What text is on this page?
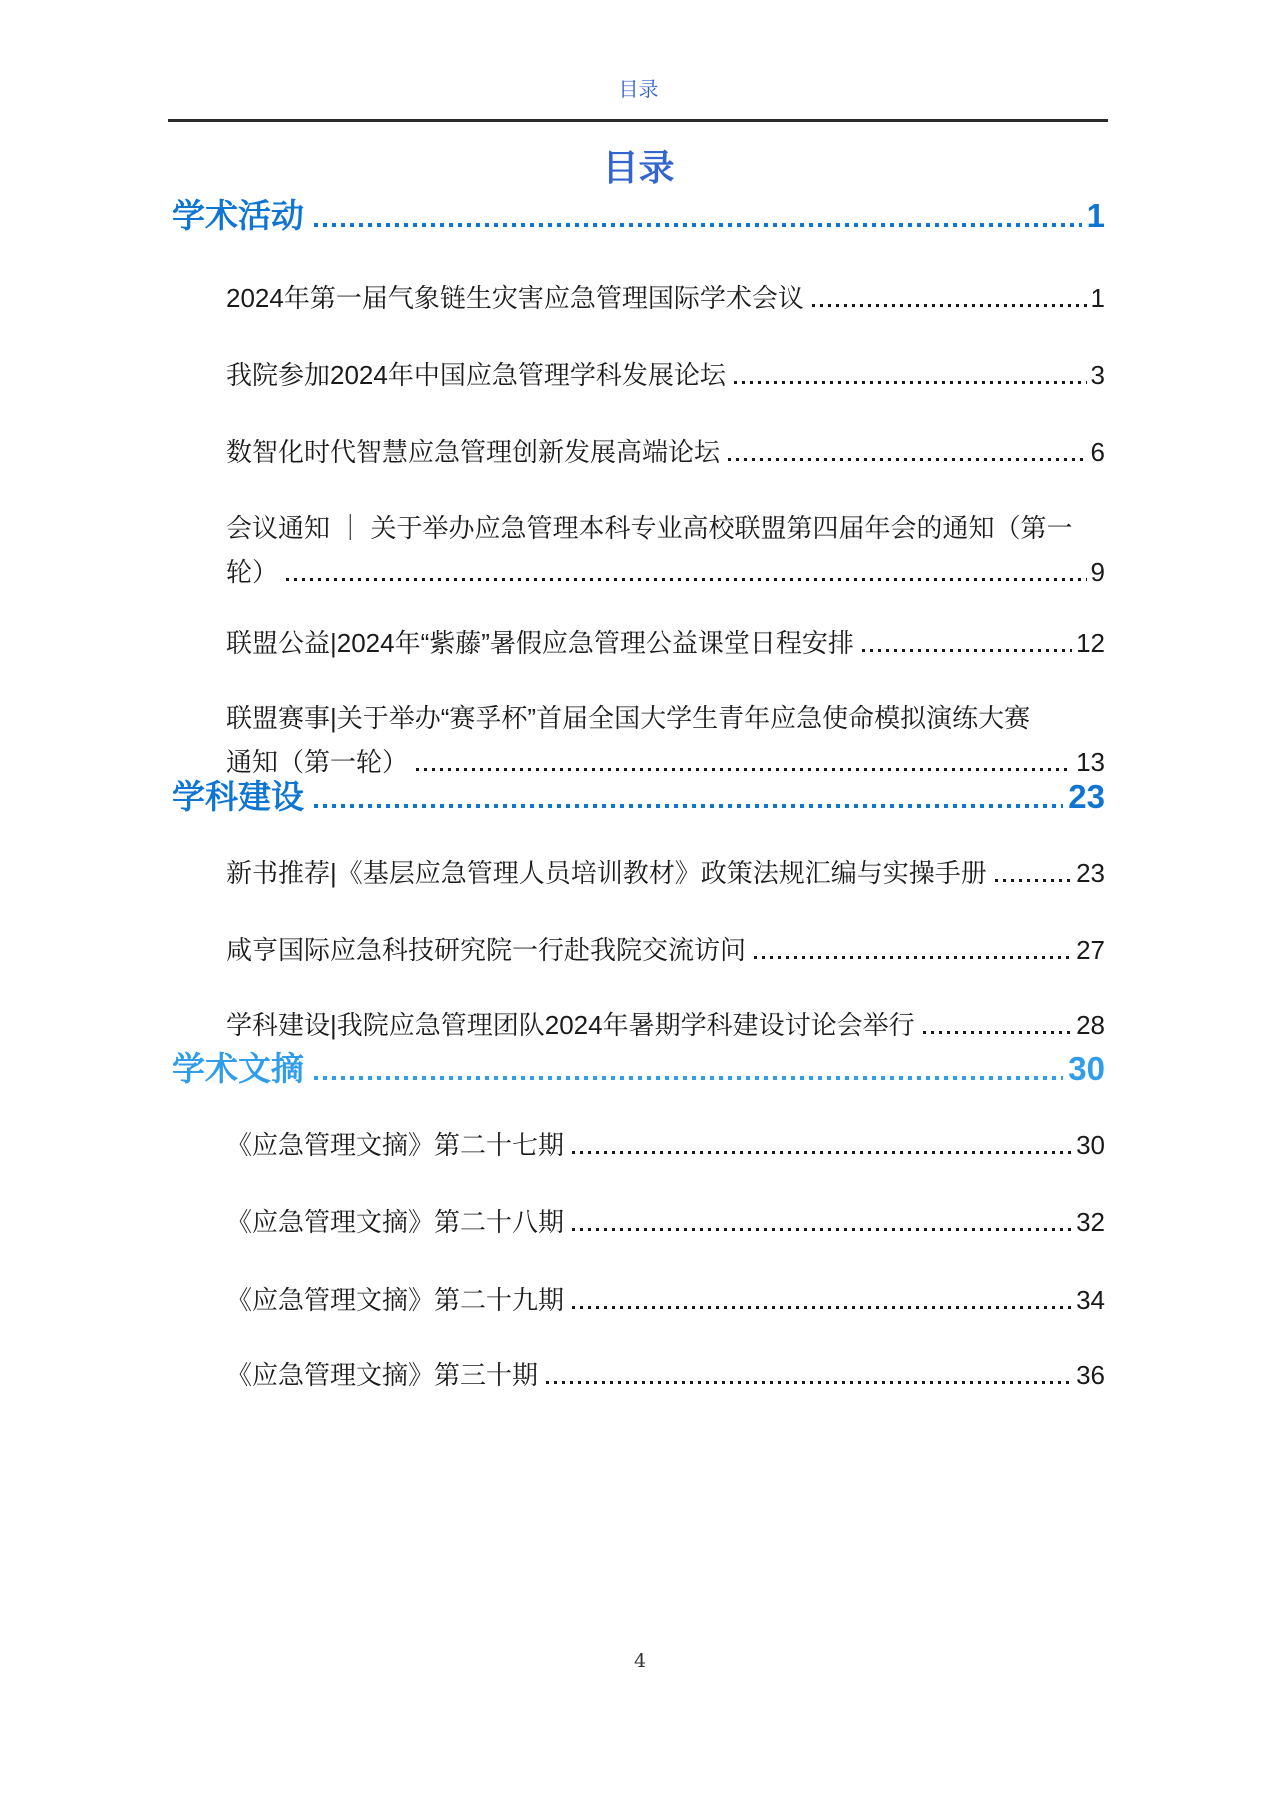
目录
目录
学术活动	1
2024年第一届气象链生灾害应急管理国际学术会议	1
我院参加2024年中国应急管理学科发展论坛	3
数智化时代智慧应急管理创新发展高端论坛	6
会议通知 ｜ 关于举办应急管理本科专业高校联盟第四届年会的通知（第一
轮）	9
联盟公益|2024年“紫藤”暑假应急管理公益课堂日程安排	12
联盟赛事|关于举办“赛孚杯”首届全国大学生青年应急使命模拟演练大赛
通知（第一轮）	13
学科建设	23
新书推荐|《基层应急管理人员培训教材》政策法规汇编与实操手册	23
咸亨国际应急科技研究院一行赴我院交流访问	27
学科建设|我院应急管理团队2024年暑期学科建设讨论会举行	28
学术文摘	30
《应急管理文摘》第二十七期	30
《应急管理文摘》第二十八期	32
《应急管理文摘》第二十九期	34
《应急管理文摘》第三十期	36
4
